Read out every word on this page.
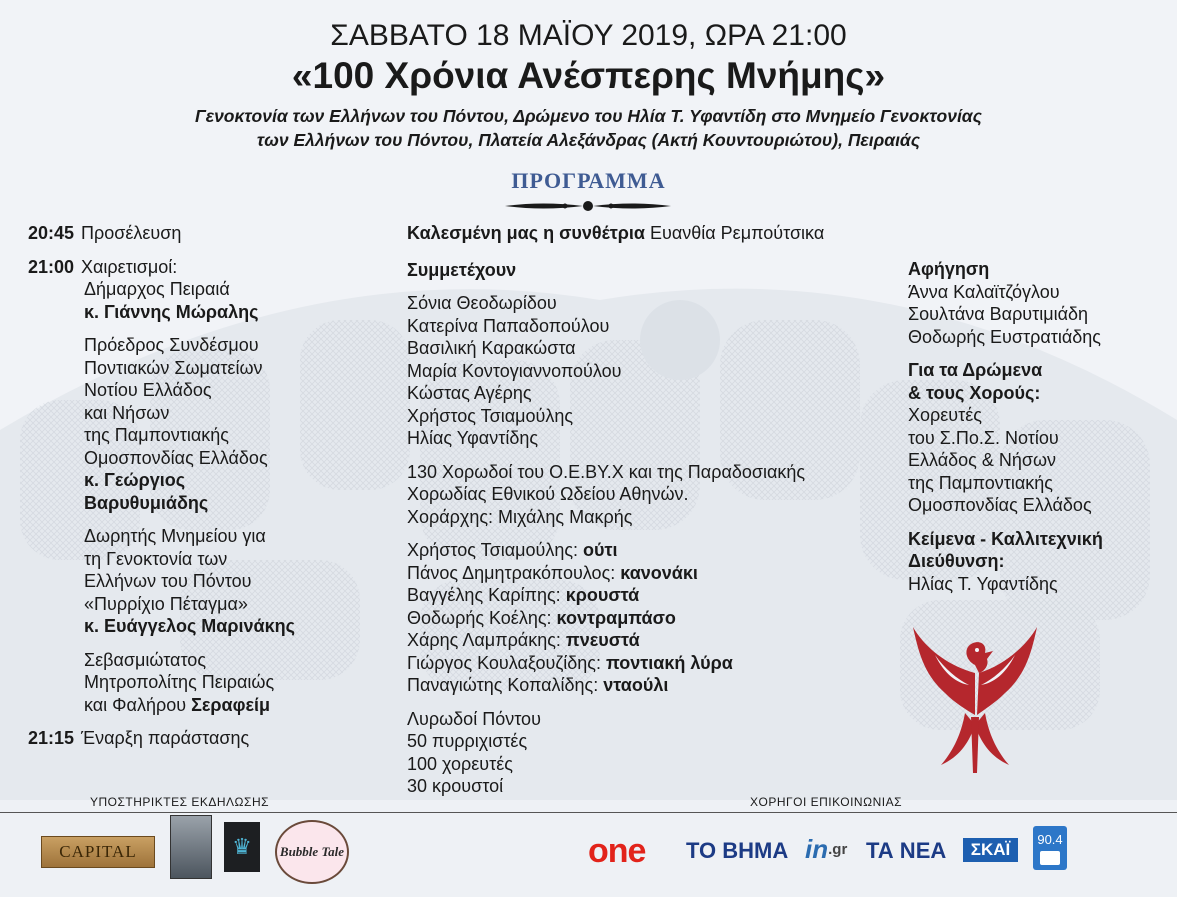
ΣΑΒΒΑΤΟ 18 ΜΑΪΟΥ 2019, ΩΡΑ 21:00
«100 Χρόνια Ανέσπερης Μνήμης»
Γενοκτονία των Ελλήνων του Πόντου, Δρώμενο του Ηλία Τ. Υφαντίδη στο Μνημείο Γενοκτονίας
των Ελλήνων του Πόντου, Πλατεία Αλεξάνδρας (Ακτή Κουντουριώτου), Πειραιάς
ΠΡΟΓΡΑΜΜΑ
20:45 Προσέλευση
21:00 Χαιρετισμοί:
Δήμαρχος Πειραιά
κ. Γιάννης Μώραλης
Πρόεδρος Συνδέσμου
Ποντιακών Σωματείων
Νοτίου Ελλάδος
και Νήσων
της Παμποντιακής
Ομοσπονδίας Ελλάδος
κ. Γεώργιος
Βαρυθυμιάδης
Δωρητής Μνημείου για
τη Γενοκτονία των
Ελλήνων του Πόντου
«Πυρρίχιο Πέταγμα»
κ. Ευάγγελος Μαρινάκης
Σεβασμιώτατος
Μητροπολίτης Πειραιώς
και Φαλήρου Σεραφείμ
21:15 Έναρξη παράστασης
Καλεσμένη μας η συνθέτρια Ευανθία Ρεμπούτσικα
Συμμετέχουν
Σόνια Θεοδωρίδου
Κατερίνα Παπαδοπούλου
Βασιλική Καρακώστα
Μαρία Κοντογιαννοπούλου
Κώστας Αγέρης
Χρήστος Τσιαμούλης
Ηλίας Υφαντίδης
130 Χορωδοί του Ο.Ε.ΒΥ.Χ και της Παραδοσιακής
Χορωδίας Εθνικού Ωδείου Αθηνών.
Χοράρχης: Μιχάλης Μακρής
Χρήστος Τσιαμούλης: ούτι
Πάνος Δημητρακόπουλος: κανονάκι
Βαγγέλης Καρίπης: κρουστά
Θοδωρής Κοέλης: κοντραμπάσο
Χάρης Λαμπράκης: πνευστά
Γιώργος Κουλαξουζίδης: ποντιακή λύρα
Παναγιώτης Κοπαλίδης: νταούλι
Λυρωδοί Πόντου
50 πυρριχιστές
100 χορευτές
30 κρουστοί
Αφήγηση
Άννα Καλαϊτζόγλου
Σουλτάνα Βαρυτιμιάδη
Θοδωρής Ευστρατιάδης
Για τα Δρώμενα
& τους Χορούς:
Χορευτές
του Σ.Πο.Σ. Νοτίου
Ελλάδος & Νήσων
της Παμποντιακής
Ομοσπονδίας Ελλάδος
Κείμενα - Καλλιτεχνική
Διεύθυνση:
Ηλίας Τ. Υφαντίδης
ΥΠΟΣΤΗΡΙΚΤΕΣ ΕΚΔΗΛΩΣΗΣ	ΧΟΡΗΓΟΙ ΕΠΙΚΟΙΝΩΝΙΑΣ
CAPITAL	♛	Bubble Tale	one ΤΟ ΒΗΜΑ in .gr ΤΑ ΝΕΑ	ΣΚΑΪ
90.4
